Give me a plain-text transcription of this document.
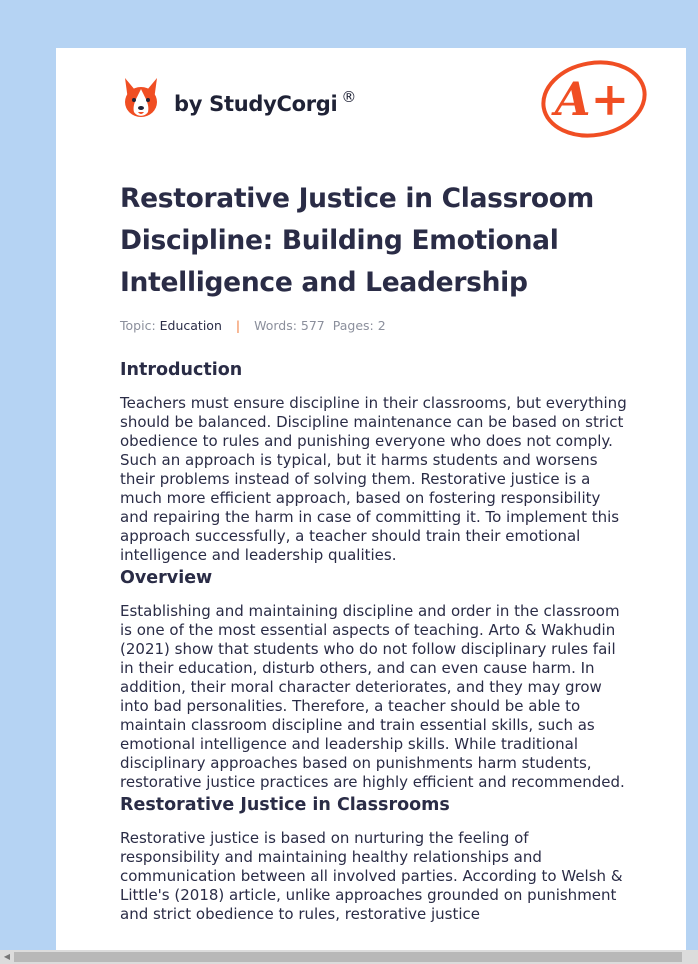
by StudyCorgi ®	A+
Restorative Justice in Classroom Discipline: Building Emotional Intelligence and Leadership
Topic: Education | Words: 577 Pages: 2
Introduction

Teachers must ensure discipline in their classrooms, but everything should be balanced. Discipline maintenance can be based on strict obedience to rules and punishing everyone who does not comply. Such an approach is typical, but it harms students and worsens their problems instead of solving them. Restorative justice is a much more efficient approach, based on fostering responsibility and repairing the harm in case of committing it. To implement this approach successfully, a teacher should train their emotional intelligence and leadership qualities.

Overview

Establishing and maintaining discipline and order in the classroom is one of the most essential aspects of teaching. Arto & Wakhudin (2021) show that students who do not follow disciplinary rules fail in their education, disturb others, and can even cause harm. In addition, their moral character deteriorates, and they may grow into bad personalities. Therefore, a teacher should be able to maintain classroom discipline and train essential skills, such as emotional intelligence and leadership skills. While traditional disciplinary approaches based on punishments harm students, restorative justice practices are highly efficient and recommended.

Restorative Justice in Classrooms

Restorative justice is based on nurturing the feeling of responsibility and maintaining healthy relationships and communication between all involved parties. According to Welsh & Little's (2018) article, unlike approaches grounded on punishment and strict obedience to rules, restorative justice

◀
